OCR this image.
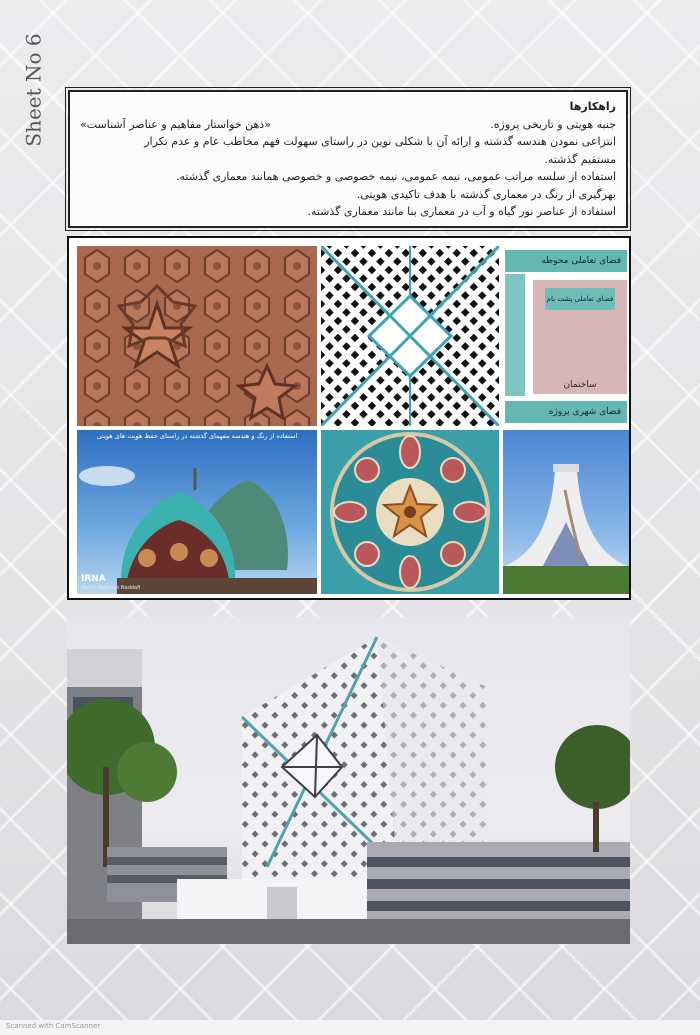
Sheet No 6	راهکارها
جنبه هویتی و تاریخی پروژه.
«ذهن خواستار مفاهیم و عناصر آشناست»
انتزاعی نمودن هندسه گذشته و ارائه آن با شکلی نوین در راستای سهولت فهم مخاطب عام و عدم تکرار
مستقیم گذشته.
استفاده از سلسه مراتب عمومی، نیمه عمومی، نیمه خصوصی و خصوصی همانند معماری گذشته.
بهرگیری از رنگ در معماری گذشته با هدف تاکیدی هویتی.
استفاده از عناصر نور گیاه و آب در معماری بنا مانند معماری گذشته.
فضای تعاملی محوطه
فضای تعاملی پشت بام
ساختمان
فضای شهری پروژه
استفاده از رنگ و هندسه مفهمای گذشته در راستای حفظ هویت های هویتی
IRNA
Photo: Behnam Naddafi
Scanned with CamScanner
